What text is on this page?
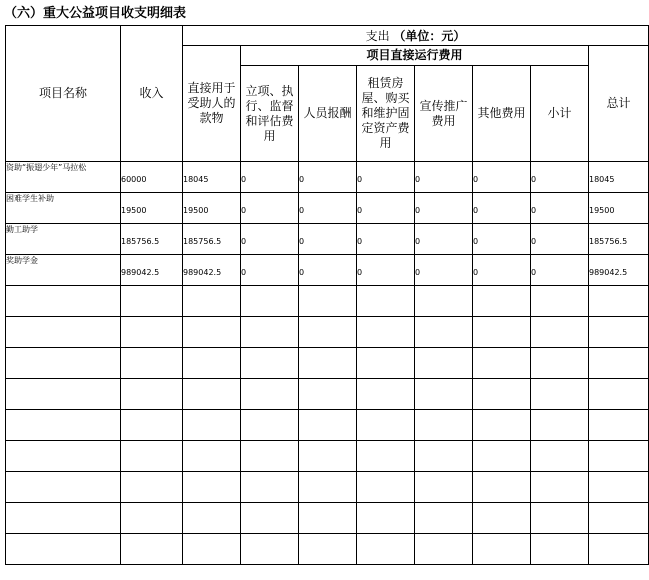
（六）重大公益项目收支明细表
项目名称	收入	支出 （单位：元）							
		直接用于受助人的款物	项目直接运行费用						总计
			立项、执行、监督和评估费用	人员报酬	租赁房屋、购买和维护固定资产费用	宣传推广费用	其他费用	小计	
资助“振翅少年”马拉松	60000	18045	0	0	0	0	0	0	18045
困难学生补助	19500	19500	0	0	0	0	0	0	19500
勤工助学	185756.5	185756.5	0	0	0	0	0	0	185756.5
奖助学金	989042.5	989042.5	0	0	0	0	0	0	989042.5
